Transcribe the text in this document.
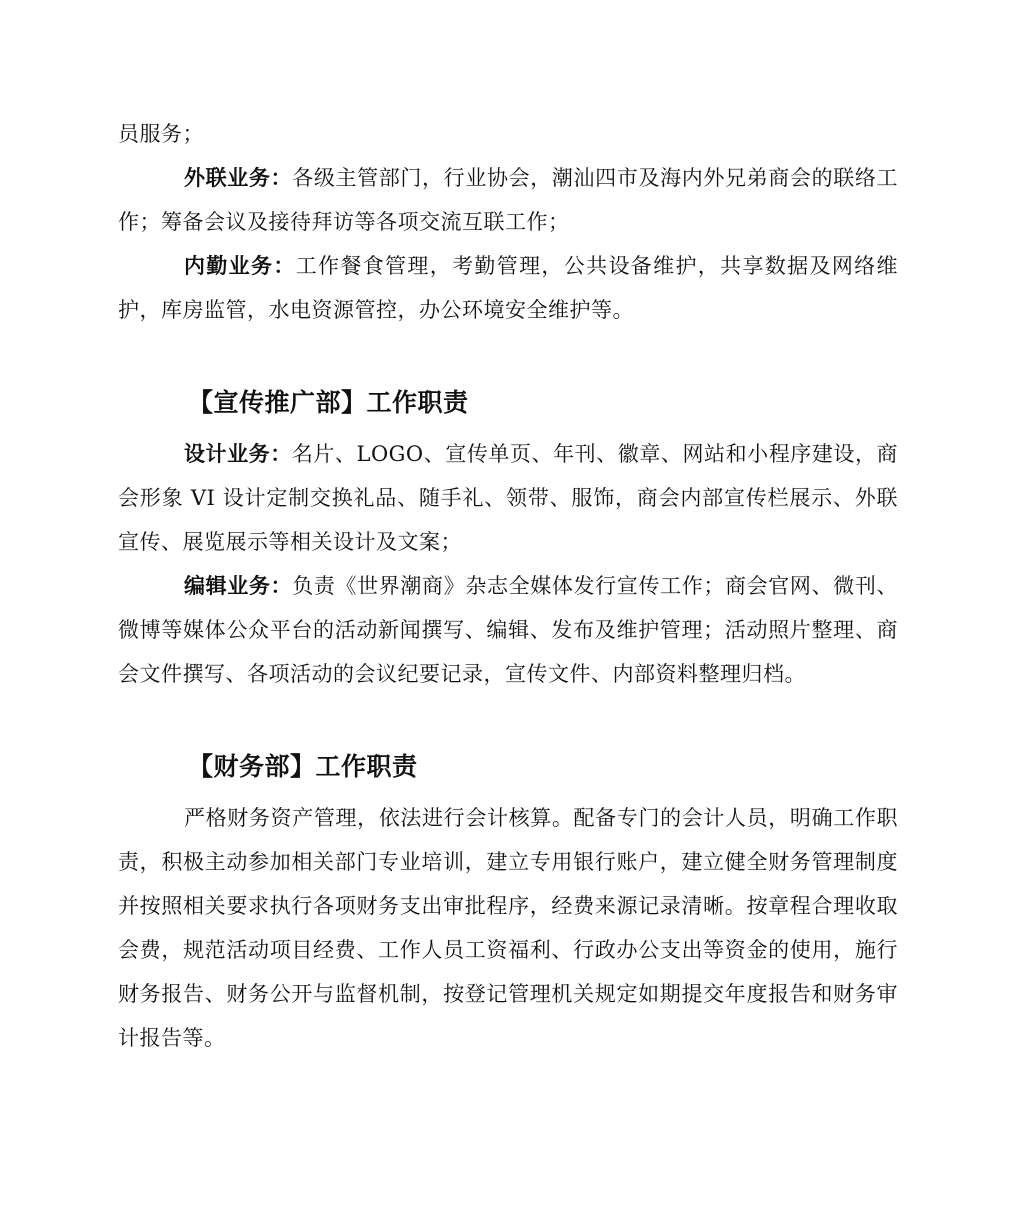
员服务；

外联业务：各级主管部门，行业协会，潮汕四市及海内外兄弟商会的联络工作；筹备会议及接待拜访等各项交流互联工作；

内勤业务：工作餐食管理，考勤管理，公共设备维护，共享数据及网络维护，库房监管，水电资源管控，办公环境安全维护等。

【宣传推广部】工作职责

设计业务：名片、LOGO、宣传单页、年刊、徽章、网站和小程序建设，商会形象 VI 设计定制交换礼品、随手礼、领带、服饰，商会内部宣传栏展示、外联宣传、展览展示等相关设计及文案；

编辑业务：负责《世界潮商》杂志全媒体发行宣传工作；商会官网、微刊、微博等媒体公众平台的活动新闻撰写、编辑、发布及维护管理；活动照片整理、商会文件撰写、各项活动的会议纪要记录，宣传文件、内部资料整理归档。

【财务部】工作职责

严格财务资产管理，依法进行会计核算。配备专门的会计人员，明确工作职责，积极主动参加相关部门专业培训，建立专用银行账户，建立健全财务管理制度并按照相关要求执行各项财务支出审批程序，经费来源记录清晰。按章程合理收取会费，规范活动项目经费、工作人员工资福利、行政办公支出等资金的使用，施行财务报告、财务公开与监督机制，按登记管理机关规定如期提交年度报告和财务审计报告等。
